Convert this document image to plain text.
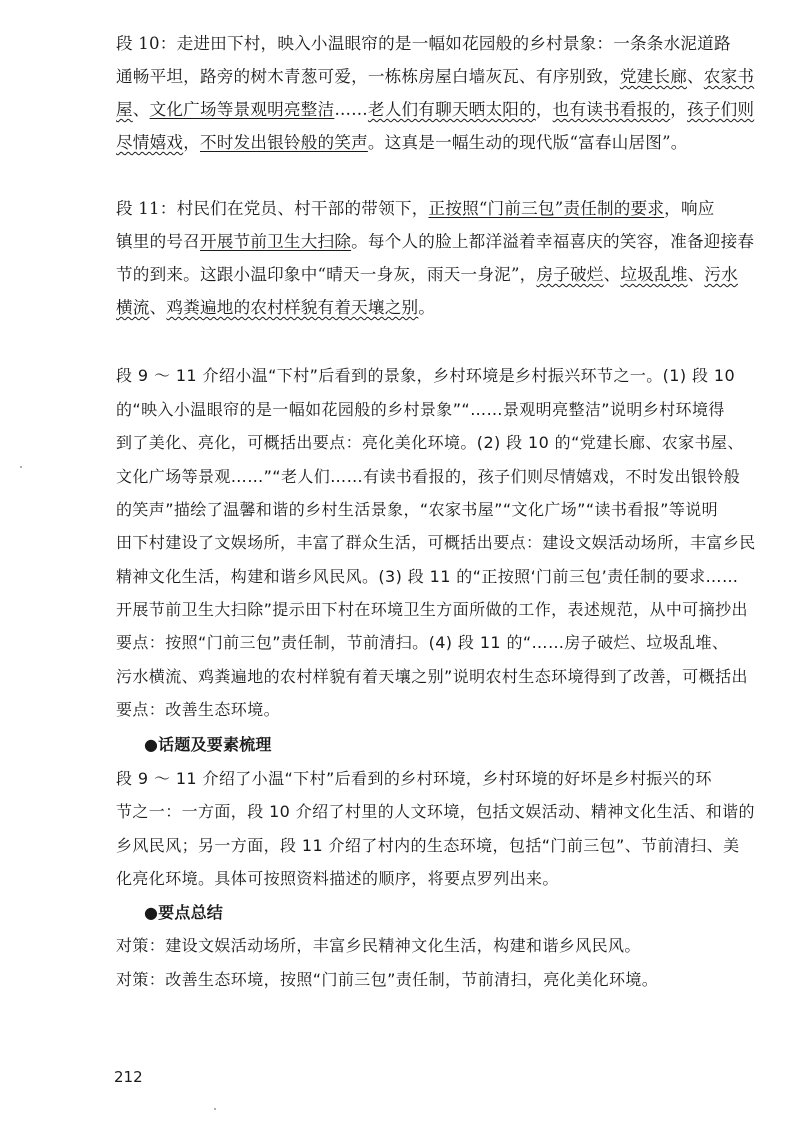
段 10：走进田下村，映入小温眼帘的是一幅如花园般的乡村景象：一条条水泥道路
通畅平坦，路旁的树木青葱可爱，一栋栋房屋白墙灰瓦、有序别致，党建长廊、农家书
屋、文化广场等景观明亮整洁……老人们有聊天晒太阳的，也有读书看报的，孩子们则
尽情嬉戏，不时发出银铃般的笑声。这真是一幅生动的现代版“富春山居图”。
段 11：村民们在党员、村干部的带领下，正按照“门前三包”责任制的要求，响应
镇里的号召开展节前卫生大扫除。每个人的脸上都洋溢着幸福喜庆的笑容，准备迎接春
节的到来。这跟小温印象中“晴天一身灰，雨天一身泥”，房子破烂、垃圾乱堆、污水
横流、鸡粪遍地的农村样貌有着天壤之别。
段 9 ～ 11 介绍小温“下村”后看到的景象，乡村环境是乡村振兴环节之一。(1) 段 10
的“映入小温眼帘的是一幅如花园般的乡村景象”“……景观明亮整洁”说明乡村环境得
到了美化、亮化，可概括出要点：亮化美化环境。(2) 段 10 的“党建长廊、农家书屋、
文化广场等景观……”“老人们……有读书看报的，孩子们则尽情嬉戏，不时发出银铃般
的笑声”描绘了温馨和谐的乡村生活景象，“农家书屋”“文化广场”“读书看报”等说明
田下村建设了文娱场所，丰富了群众生活，可概括出要点：建设文娱活动场所，丰富乡民
精神文化生活，构建和谐乡风民风。(3) 段 11 的“正按照‘门前三包’责任制的要求……
开展节前卫生大扫除”提示田下村在环境卫生方面所做的工作，表述规范，从中可摘抄出
要点：按照“门前三包”责任制，节前清扫。(4) 段 11 的“……房子破烂、垃圾乱堆、
污水横流、鸡粪遍地的农村样貌有着天壤之别”说明农村生态环境得到了改善，可概括出
要点：改善生态环境。
●话题及要素梳理
段 9 ～ 11 介绍了小温“下村”后看到的乡村环境，乡村环境的好坏是乡村振兴的环
节之一：一方面，段 10 介绍了村里的人文环境，包括文娱活动、精神文化生活、和谐的
乡风民风；另一方面，段 11 介绍了村内的生态环境，包括“门前三包”、节前清扫、美
化亮化环境。具体可按照资料描述的顺序，将要点罗列出来。
●要点总结
对策：建设文娱活动场所，丰富乡民精神文化生活，构建和谐乡风民风。
对策：改善生态环境，按照“门前三包”责任制，节前清扫，亮化美化环境。
212
